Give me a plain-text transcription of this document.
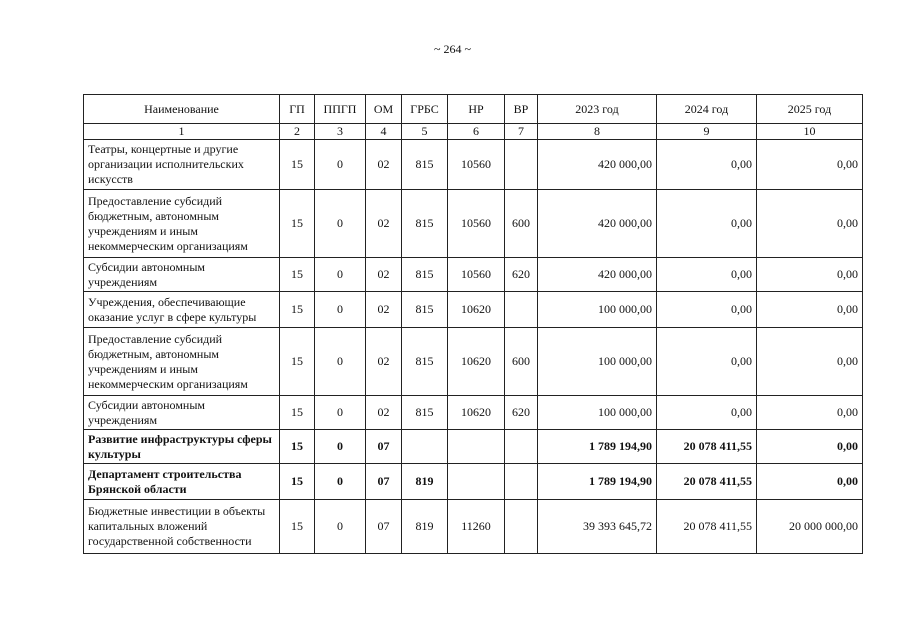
~ 264 ~
Наименование	ГП	ППГП	ОМ	ГРБС	НР	ВР	2023 год	2024 год	2025 год
1	2	3	4	5	6	7	8	9	10
Театры, концертные и другие организации исполнительских искусств	15	0	02	815	10560		420 000,00	0,00	0,00
Предоставление субсидий бюджетным, автономным учреждениям и иным некоммерческим организациям	15	0	02	815	10560	600	420 000,00	0,00	0,00
Субсидии автономным учреждениям	15	0	02	815	10560	620	420 000,00	0,00	0,00
Учреждения, обеспечивающие оказание услуг в сфере культуры	15	0	02	815	10620		100 000,00	0,00	0,00
Предоставление субсидий бюджетным, автономным учреждениям и иным некоммерческим организациям	15	0	02	815	10620	600	100 000,00	0,00	0,00
Субсидии автономным учреждениям	15	0	02	815	10620	620	100 000,00	0,00	0,00
Развитие инфраструктуры сферы культуры	15	0	07				1 789 194,90	20 078 411,55	0,00
Департамент строительства Брянской области	15	0	07	819			1 789 194,90	20 078 411,55	0,00
Бюджетные инвестиции в объекты капитальных вложений государственной собственности	15	0	07	819	11260		39 393 645,72	20 078 411,55	20 000 000,00
